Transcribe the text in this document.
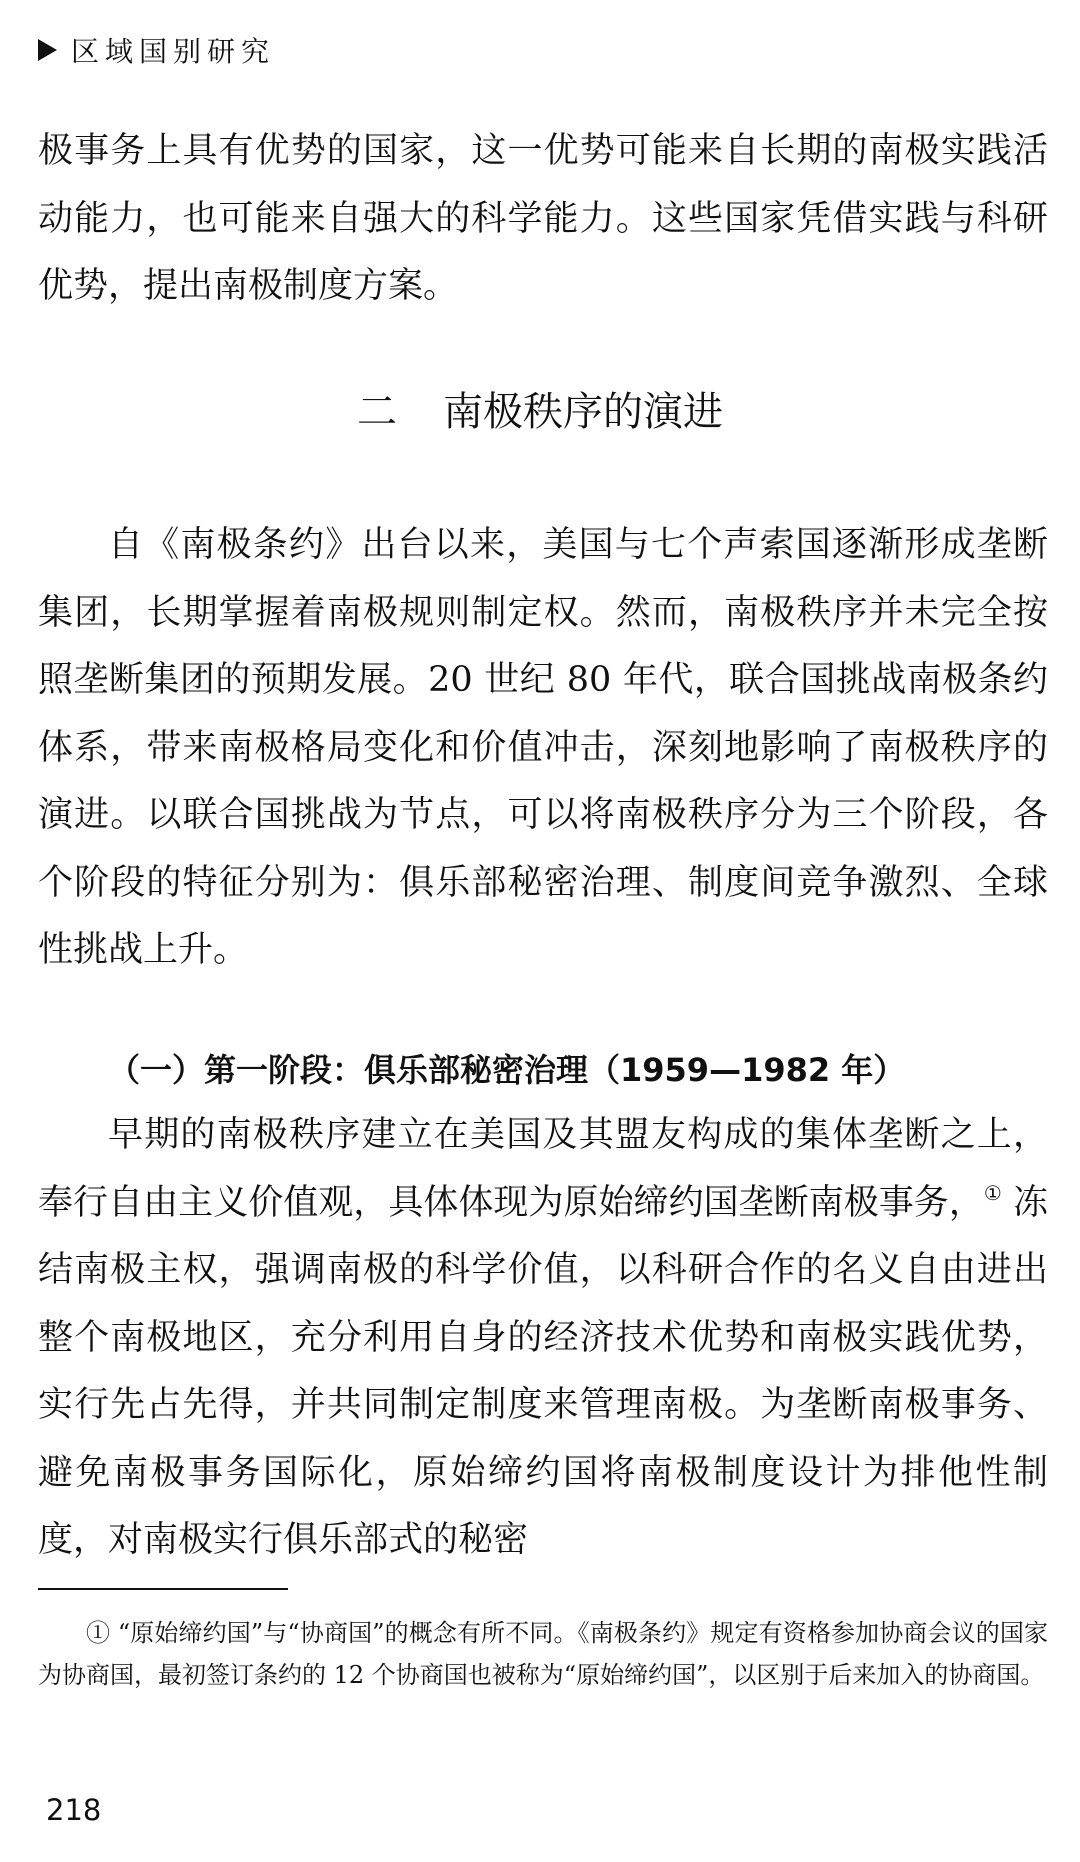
区域国别研究

极事务上具有优势的国家，这一优势可能来自长期的南极实践活动能力，也可能来自强大的科学能力。这些国家凭借实践与科研优势，提出南极制度方案。

二 南极秩序的演进

自《南极条约》出台以来，美国与七个声索国逐渐形成垄断集团，长期掌握着南极规则制定权。然而，南极秩序并未完全按照垄断集团的预期发展。20 世纪 80 年代，联合国挑战南极条约体系，带来南极格局变化和价值冲击，深刻地影响了南极秩序的演进。以联合国挑战为节点，可以将南极秩序分为三个阶段，各个阶段的特征分别为：俱乐部秘密治理、制度间竞争激烈、全球性挑战上升。

（一）第一阶段：俱乐部秘密治理（1959—1982 年）

早期的南极秩序建立在美国及其盟友构成的集体垄断之上，奉行自由主义价值观，具体体现为原始缔约国垄断南极事务，① 冻结南极主权，强调南极的科学价值，以科研合作的名义自由进出整个南极地区，充分利用自身的经济技术优势和南极实践优势，实行先占先得，并共同制定制度来管理南极。为垄断南极事务、避免南极事务国际化，原始缔约国将南极制度设计为排他性制度，对南极实行俱乐部式的秘密

① “原始缔约国”与“协商国”的概念有所不同。《南极条约》规定有资格参加协商会议的国家为协商国，最初签订条约的 12 个协商国也被称为“原始缔约国”，以区别于后来加入的协商国。

218
